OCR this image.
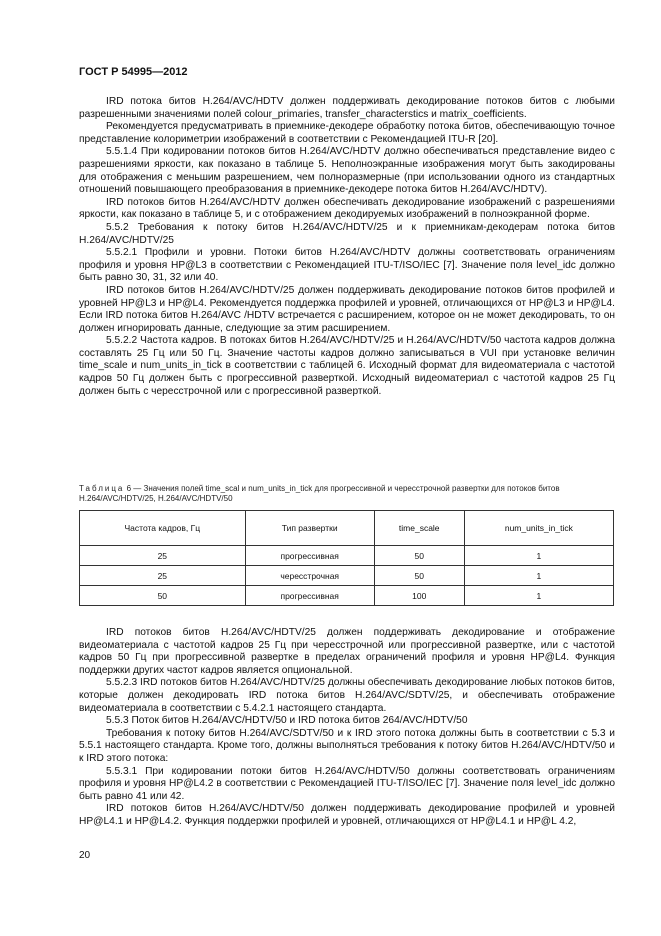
ГОСТ Р 54995—2012

IRD потока битов H.264/AVC/HDTV должен поддерживать декодирование потоков битов с любыми разрешенными значениями полей colour_primaries, transfer_characterstics и matrix_coefficients.

Рекомендуется предусматривать в приемнике-декодере обработку потока битов, обеспечивающую точное представление колориметрии изображений в соответствии с Рекомендацией ITU-R [20].

5.5.1.4 При кодировании потоков битов H.264/AVC/HDTV должно обеспечиваться представление видео с разрешениями яркости, как показано в таблице 5. Неполноэкранные изображения могут быть закодированы для отображения с меньшим разрешением, чем полноразмерные (при использовании одного из стандартных отношений повышающего преобразования в приемнике-декодере потока битов H.264/AVC/HDTV).

IRD потоков битов H.264/AVC/HDTV должен обеспечивать декодирование изображений с разрешениями яркости, как показано в таблице 5, и с отображением декодируемых изображений в полноэкранной форме.

5.5.2 Требования к потоку битов H.264/AVC/HDTV/25 и к приемникам-декодерам потока битов H.264/AVC/HDTV/25

5.5.2.1 Профили и уровни. Потоки битов H.264/AVC/HDTV должны соответствовать ограничениям профиля и уровня HP@L3 в соответствии с Рекомендацией ITU-T/ISO/IEC [7]. Значение поля level_idc должно быть равно 30, 31, 32 или 40.

IRD потоков битов H.264/AVC/HDTV/25 должен поддерживать декодирование потоков битов профилей и уровней HP@L3 и HP@L4. Рекомендуется поддержка профилей и уровней, отличающихся от HP@L3 и HP@L4. Если IRD потока битов H.264/AVC /HDTV встречается с расширением, которое он не может декодировать, то он должен игнорировать данные, следующие за этим расширением.

5.5.2.2 Частота кадров. В потоках битов H.264/AVC/HDTV/25 и H.264/AVC/HDTV/50 частота кадров должна составлять 25 Гц или 50 Гц. Значение частоты кадров должно записываться в VUI при установке величин time_scale и num_units_in_tick в соответствии с таблицей 6. Исходный формат для видеоматериала с частотой кадров 50 Гц должен быть с прогрессивной разверткой. Исходный видеоматериал с частотой кадров 25 Гц должен быть с чересстрочной или с прогрессивной разверткой.

Таблица 6 — Значения полей time_scal и num_units_in_tick для прогрессивной и чересстрочной развертки для потоков битов H.264/AVC/HDTV/25, H.264/AVC/HDTV/50
Частота кадров, Гц	Тип развертки	time_scale	num_units_in_tick
25	прогрессивная	50	1
25	чересстрочная	50	1
50	прогрессивная	100	1

IRD потоков битов H.264/AVC/HDTV/25 должен поддерживать декодирование и отображение видеоматериала с частотой кадров 25 Гц при чересстрочной или прогрессивной развертке, или с частотой кадров 50 Гц при прогрессивной развертке в пределах ограничений профиля и уровня HP@L4. Функция поддержки других частот кадров является опциональной.

5.5.2.3 IRD потоков битов H.264/AVC/HDTV/25 должны обеспечивать декодирование любых потоков битов, которые должен декодировать IRD потока битов H.264/AVC/SDTV/25, и обеспечивать отображение видеоматериала в соответствии с 5.4.2.1 настоящего стандарта.

5.5.3 Поток битов H.264/AVC/HDTV/50 и IRD потока битов 264/AVC/HDTV/50

Требования к потоку битов H.264/AVC/SDTV/50 и к IRD этого потока должны быть в соответствии с 5.3 и 5.5.1 настоящего стандарта. Кроме того, должны выполняться требования к потоку битов H.264/AVC/HDTV/50 и к IRD этого потока:

5.5.3.1 При кодировании потоки битов H.264/AVC/HDTV/50 должны соответствовать ограничениям профиля и уровня HP@L4.2 в соответствии с Рекомендацией ITU-T/ISO/IEC [7]. Значение поля level_idc должно быть равно 41 или 42.

IRD потоков битов H.264/AVC/HDTV/50 должен поддерживать декодирование профилей и уровней HP@L4.1 и HP@L4.2. Функция поддержки профилей и уровней, отличающихся от HP@L4.1 и HP@L 4.2,

20
